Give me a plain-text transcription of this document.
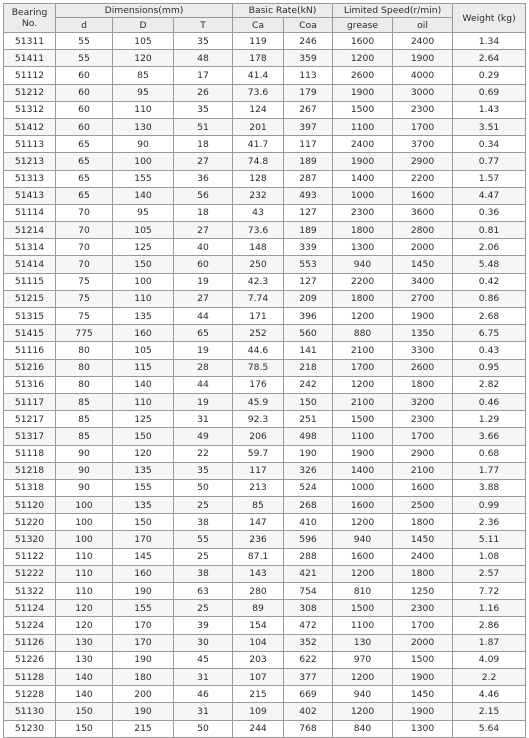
Bearing No.	Dimensions(mm)			Basic Rate(kN)		Limited Speed(r/min)		Weight (kg)
	d	D	T	Ca	Coa	grease	oil	
51311	55	105	35	119	246	1600	2400	1.34
51411	55	120	48	178	359	1200	1900	2.64
51112	60	85	17	41.4	113	2600	4000	0.29
51212	60	95	26	73.6	179	1900	3000	0.69
51312	60	110	35	124	267	1500	2300	1.43
51412	60	130	51	201	397	1100	1700	3.51
51113	65	90	18	41.7	117	2400	3700	0.34
51213	65	100	27	74.8	189	1900	2900	0.77
51313	65	155	36	128	287	1400	2200	1.57
51413	65	140	56	232	493	1000	1600	4.47
51114	70	95	18	43	127	2300	3600	0.36
51214	70	105	27	73.6	189	1800	2800	0.81
51314	70	125	40	148	339	1300	2000	2.06
51414	70	150	60	250	553	940	1450	5.48
51115	75	100	19	42.3	127	2200	3400	0.42
51215	75	110	27	7.74	209	1800	2700	0.86
51315	75	135	44	171	396	1200	1900	2.68
51415	775	160	65	252	560	880	1350	6.75
51116	80	105	19	44.6	141	2100	3300	0.43
51216	80	115	28	78.5	218	1700	2600	0.95
51316	80	140	44	176	242	1200	1800	2.82
51117	85	110	19	45.9	150	2100	3200	0.46
51217	85	125	31	92.3	251	1500	2300	1.29
51317	85	150	49	206	498	1100	1700	3.66
51118	90	120	22	59.7	190	1900	2900	0.68
51218	90	135	35	117	326	1400	2100	1.77
51318	90	155	50	213	524	1000	1600	3.88
51120	100	135	25	85	268	1600	2500	0.99
51220	100	150	38	147	410	1200	1800	2.36
51320	100	170	55	236	596	940	1450	5.11
51122	110	145	25	87.1	288	1600	2400	1.08
51222	110	160	38	143	421	1200	1800	2.57
51322	110	190	63	280	754	810	1250	7.72
51124	120	155	25	89	308	1500	2300	1.16
51224	120	170	39	154	472	1100	1700	2.86
51126	130	170	30	104	352	130	2000	1.87
51226	130	190	45	203	622	970	1500	4.09
51128	140	180	31	107	377	1200	1900	2.2
51228	140	200	46	215	669	940	1450	4.46
51130	150	190	31	109	402	1200	1900	2.15
51230	150	215	50	244	768	840	1300	5.64
